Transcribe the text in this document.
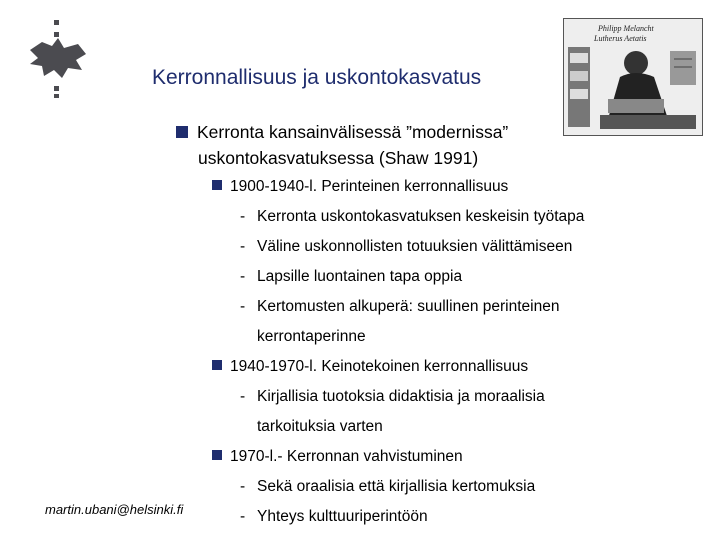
Kerronnallisuus ja uskontokasvatus
Philipp Melancht
Lutherus Aetatis
Kerronta kansainvälisessä ”modernissa”
uskontokasvatuksessa (Shaw 1991)
1900-1940-l. Perinteinen kerronnallisuus
- Kerronta uskontokasvatuksen keskeisin työtapa
- Väline uskonnollisten totuuksien välittämiseen
- Lapsille luontainen tapa oppia
- Kertomusten alkuperä: suullinen perinteinen
kerrontaperinne
1940-1970-l. Keinotekoinen kerronnallisuus
- Kirjallisia tuotoksia didaktisia ja moraalisia
tarkoituksia varten
1970-l.- Kerronnan vahvistuminen
- Sekä oraalisia että kirjallisia kertomuksia
- Yhteys kulttuuriperintöön
martin.ubani@helsinki.fi
